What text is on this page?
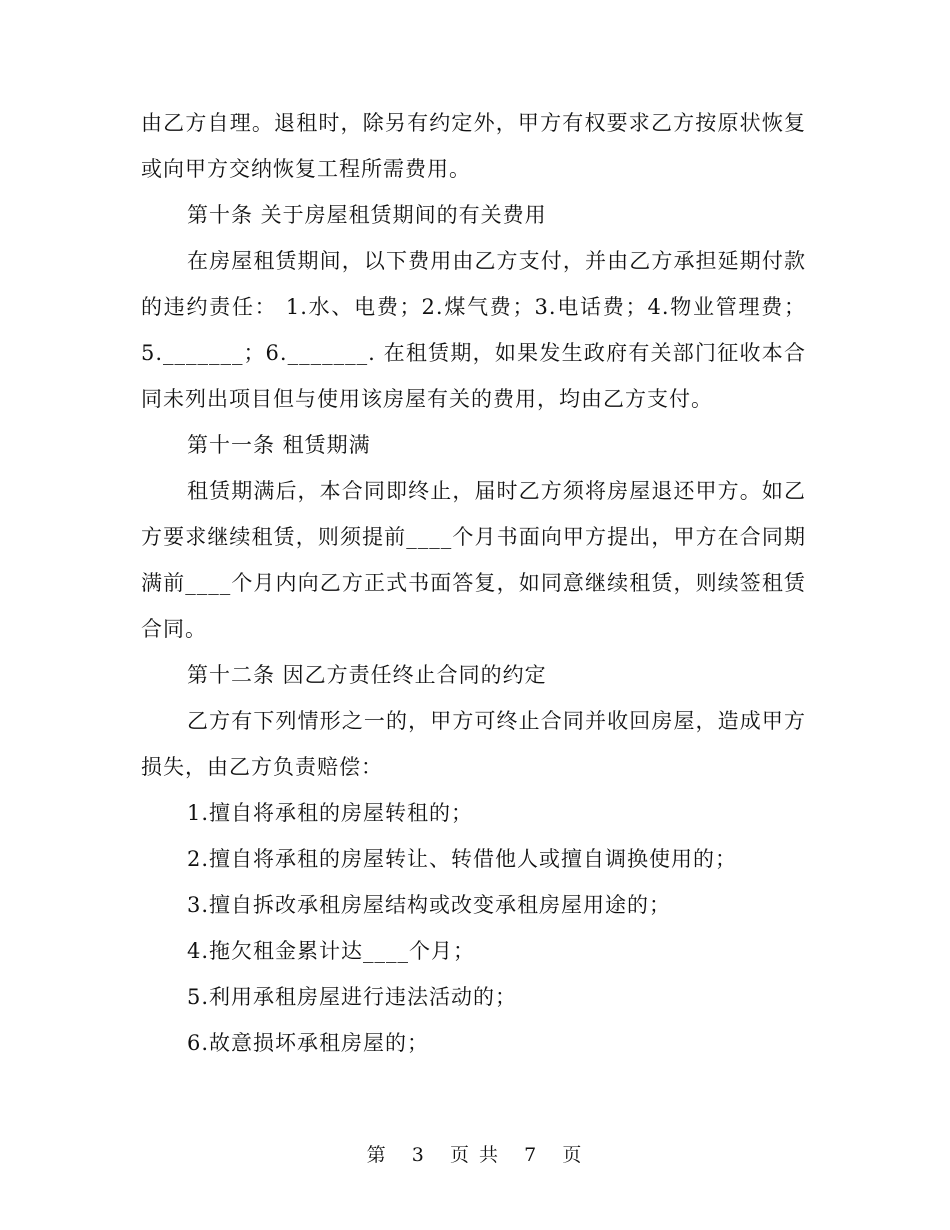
由乙方自理。退租时，除另有约定外，甲方有权要求乙方按原状恢复或向甲方交纳恢复工程所需费用。

第十条 关于房屋租赁期间的有关费用

在房屋租赁期间，以下费用由乙方支付，并由乙方承担延期付款的违约责任： 1.水、电费；2.煤气费；3.电话费；4.物业管理费；5._______；6._______. 在租赁期，如果发生政府有关部门征收本合同未列出项目但与使用该房屋有关的费用，均由乙方支付。

第十一条 租赁期满

租赁期满后，本合同即终止，届时乙方须将房屋退还甲方。如乙方要求继续租赁，则须提前____个月书面向甲方提出，甲方在合同期满前____个月内向乙方正式书面答复，如同意继续租赁，则续签租赁合同。

第十二条 因乙方责任终止合同的约定

乙方有下列情形之一的，甲方可终止合同并收回房屋，造成甲方损失，由乙方负责赔偿：

1.擅自将承租的房屋转租的；

2.擅自将承租的房屋转让、转借他人或擅自调换使用的；

3.擅自拆改承租房屋结构或改变承租房屋用途的；

4.拖欠租金累计达____个月；

5.利用承租房屋进行违法活动的；

6.故意损坏承租房屋的；

第 3 页 共 7 页
